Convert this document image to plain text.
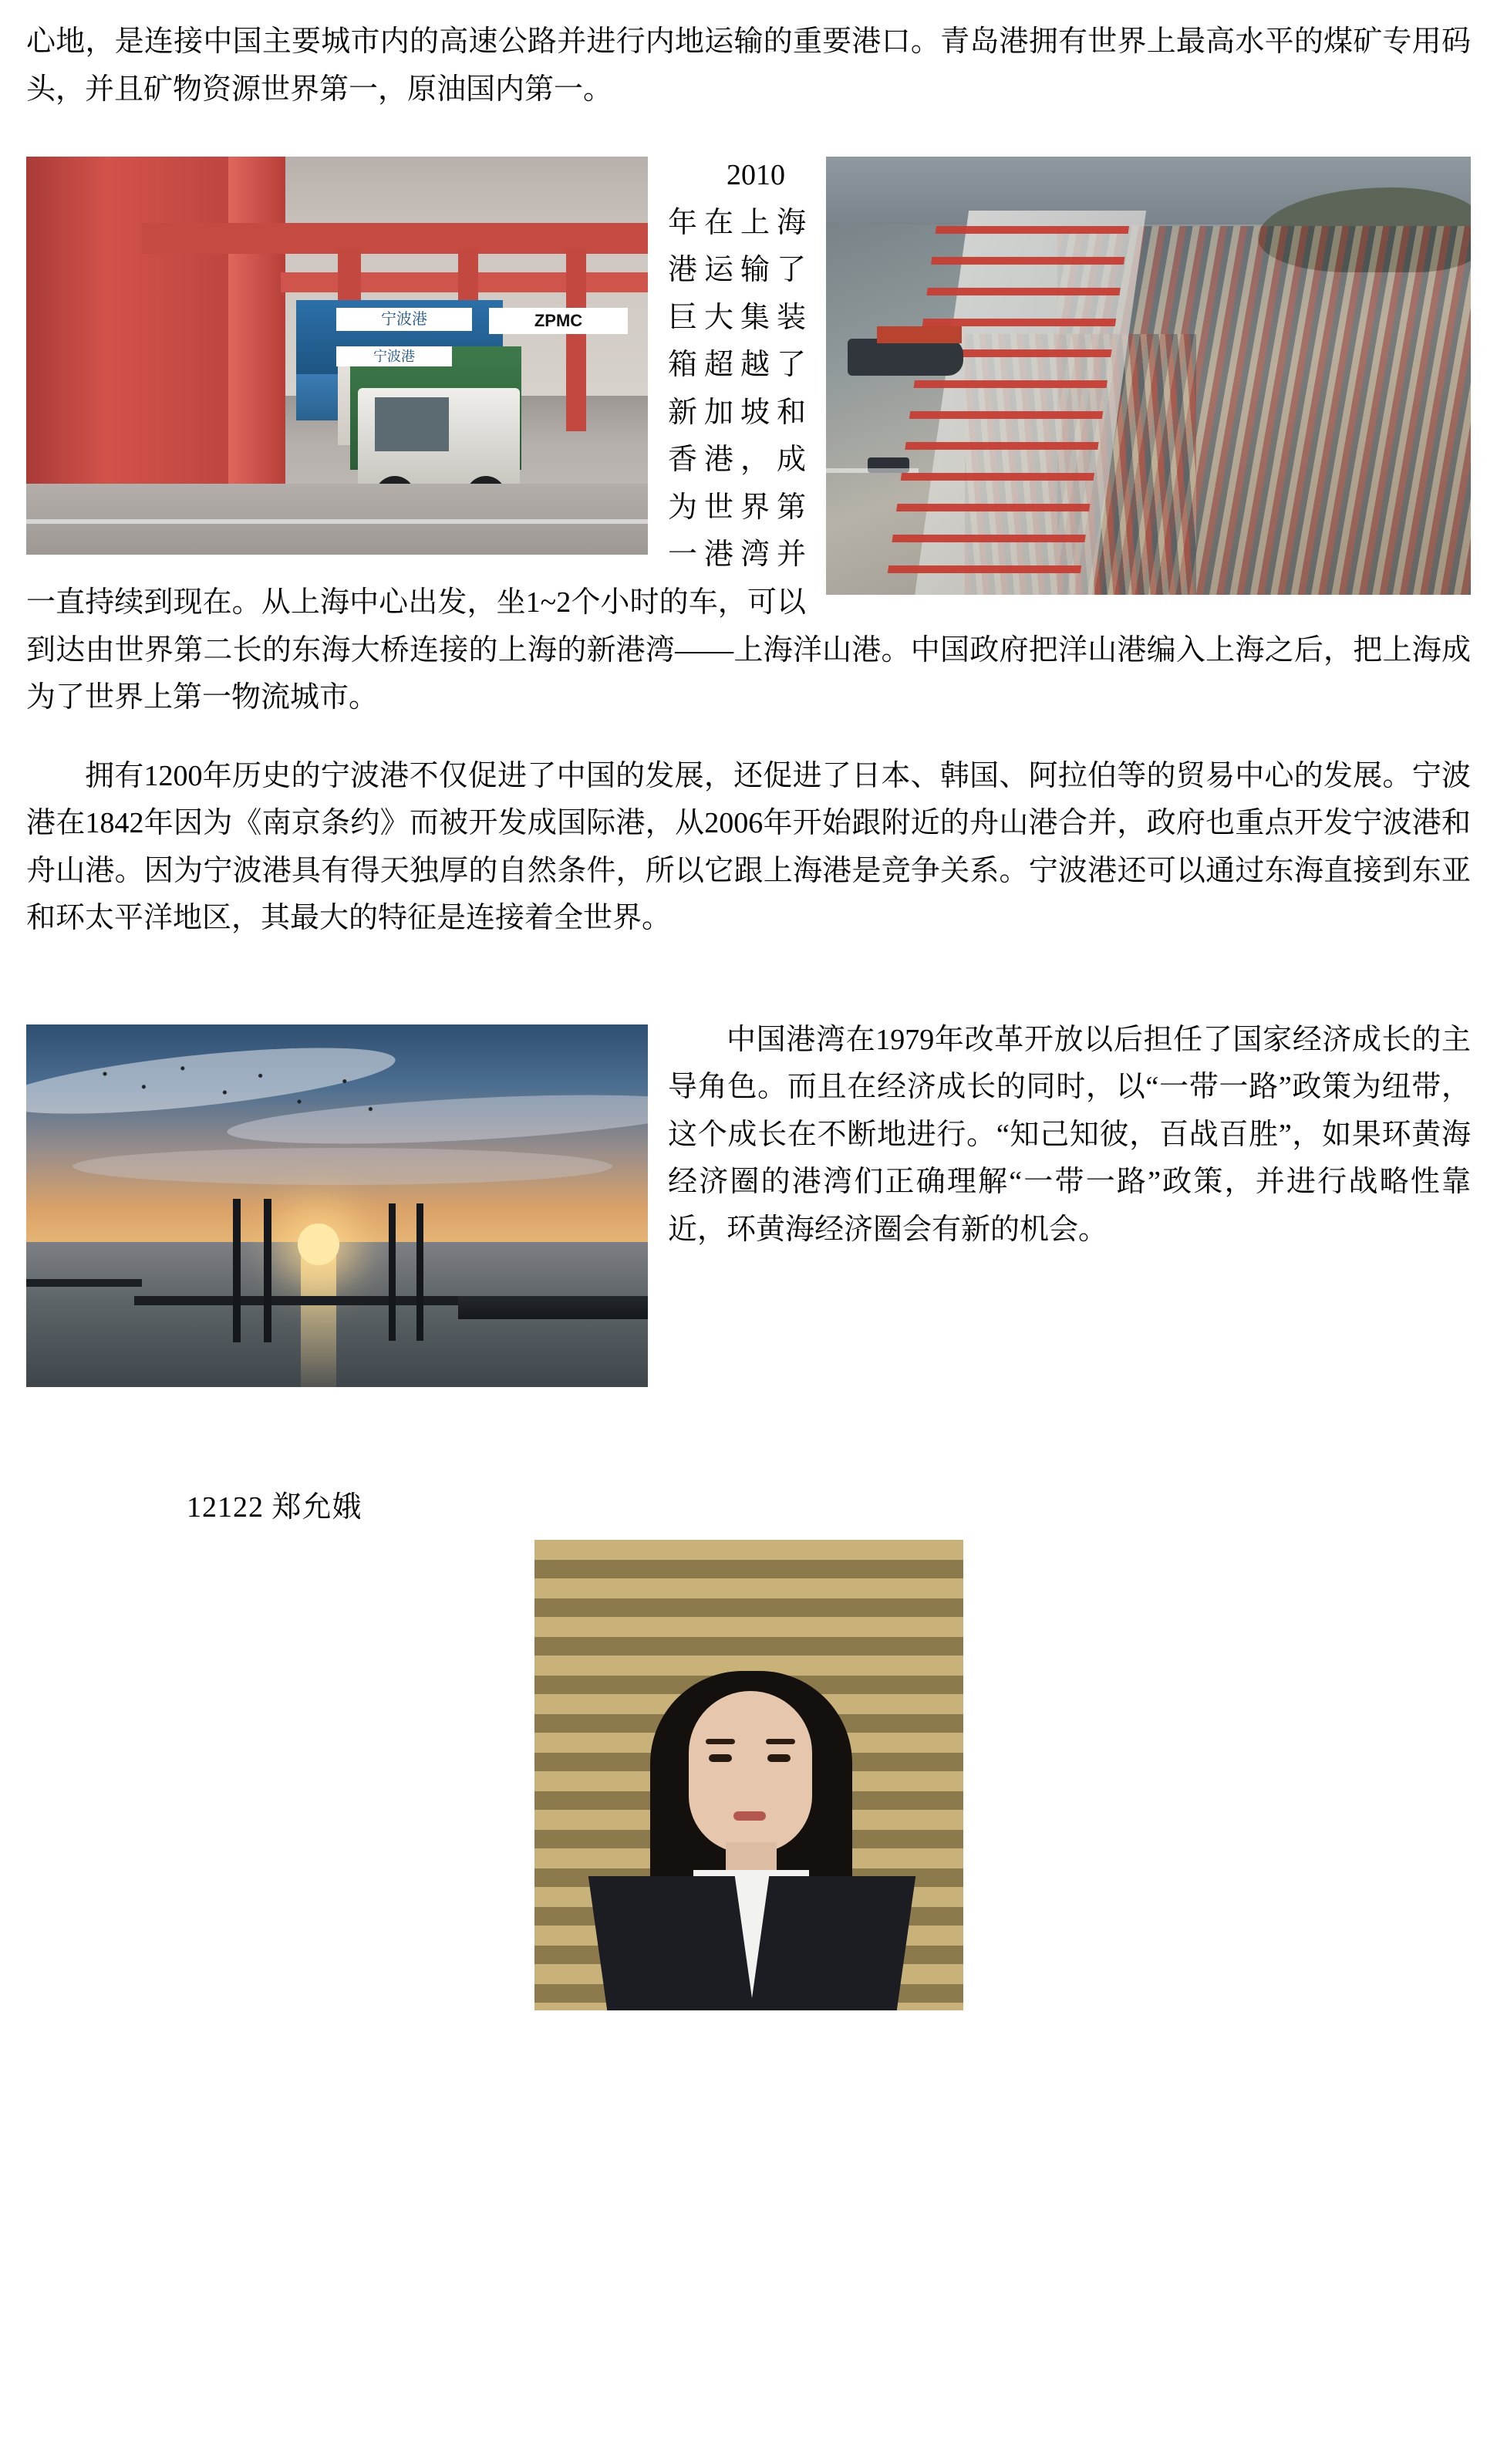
心地，是连接中国主要城市内的高速公路并进行内地运输的重要港口。青岛港拥有世界上最高水平的煤矿专用码头，并且矿物资源世界第一，原油国内第一。

宁波港	ZPMC
宁波港

2010年在上海港运输了巨大集装箱超越了新加坡和香港，成为世界第一港湾并一直持续到现在。从上海中心出发，坐1~2个小时的车，可以到达由世界第二长的东海大桥连接的上海的新港湾——上海洋山港。中国政府把洋山港编入上海之后，把上海成为了世界上第一物流城市。

拥有1200年历史的宁波港不仅促进了中国的发展，还促进了日本、韩国、阿拉伯等的贸易中心的发展。宁波港在1842年因为《南京条约》而被开发成国际港，从2006年开始跟附近的舟山港合并，政府也重点开发宁波港和舟山港。因为宁波港具有得天独厚的自然条件，所以它跟上海港是竞争关系。宁波港还可以通过东海直接到东亚和环太平洋地区，其最大的特征是连接着全世界。

中国港湾在1979年改革开放以后担任了国家经济成长的主导角色。而且在经济成长的同时，以“一带一路”政策为纽带，这个成长在不断地进行。“知己知彼，百战百胜”，如果环黄海经济圈的港湾们正确理解“一带一路”政策，并进行战略性靠近，环黄海经济圈会有新的机会。

12122 郑允娥
